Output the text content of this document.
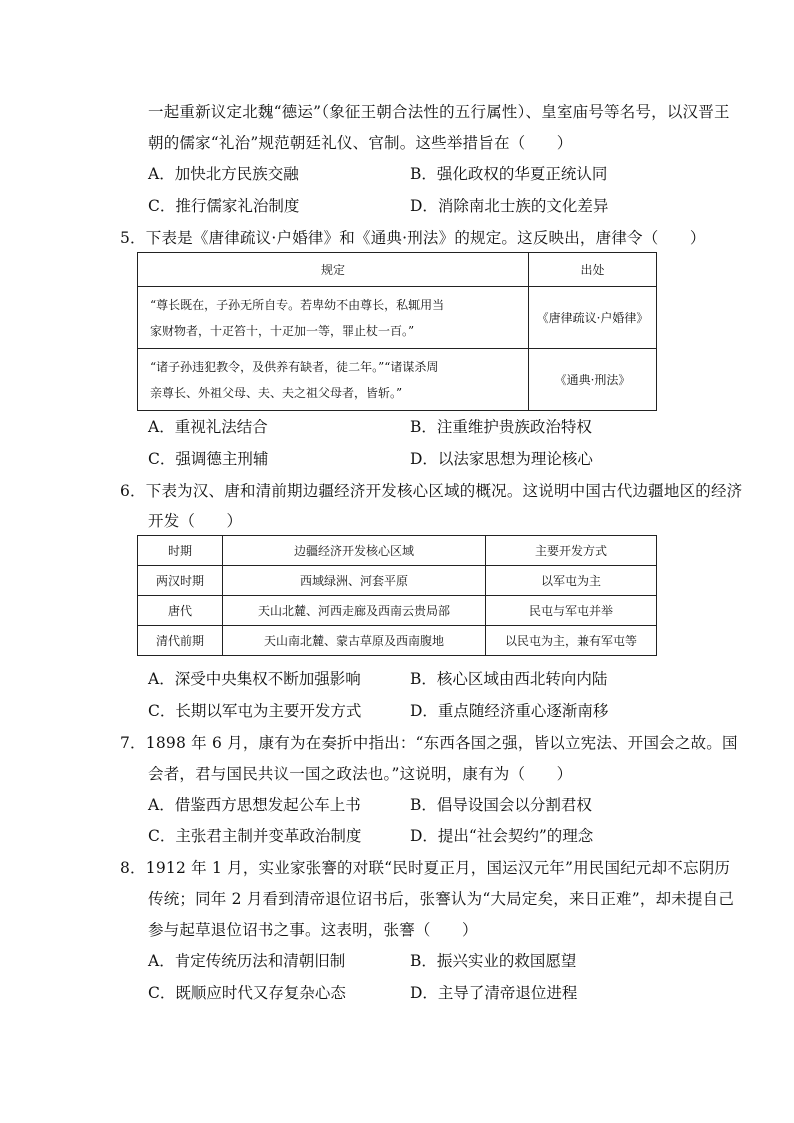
一起重新议定北魏“德运”（象征王朝合法性的五行属性）、皇室庙号等名号，以汉晋王
朝的儒家“礼治”规范朝廷礼仪、官制。这些举措旨在（　　）
A．加快北方民族交融	B．强化政权的华夏正统认同
C．推行儒家礼治制度	D．消除南北士族的文化差异
5．下表是《唐律疏议·户婚律》和《通典·刑法》的规定。这反映出，唐律令（　　）
规定	出处

“尊长既在，子孙无所自专。若卑幼不由尊长，私辄用当
家财物者，十疋笞十，十疋加一等，罪止杖一百。”	《唐律疏议·户婚律》

“诸子孙违犯教令，及供养有缺者，徒二年。”“诸谋杀周
亲尊长、外祖父母、夫、夫之祖父母者，皆斩。”	《通典·刑法》
A．重视礼法结合	B．注重维护贵族政治特权
C．强调德主刑辅	D．以法家思想为理论核心
6．下表为汉、唐和清前期边疆经济开发核心区域的概况。这说明中国古代边疆地区的经济
开发（　　）
时期	边疆经济开发核心区域	主要开发方式
两汉时期	西域绿洲、河套平原	以军屯为主
唐代	天山北麓、河西走廊及西南云贵局部	民屯与军屯并举
清代前期	天山南北麓、蒙古草原及西南腹地	以民屯为主，兼有军屯等
A．深受中央集权不断加强影响	B．核心区域由西北转向内陆
C．长期以军屯为主要开发方式	D．重点随经济重心逐渐南移
7．1898 年 6 月，康有为在奏折中指出：“东西各国之强，皆以立宪法、开国会之故。国
会者，君与国民共议一国之政法也。”这说明，康有为（　　）
A．借鉴西方思想发起公车上书	B．倡导设国会以分割君权
C．主张君主制并变革政治制度	D．提出“社会契约”的理念
8．1912 年 1 月，实业家张謇的对联“民时夏正月，国运汉元年”用民国纪元却不忘阴历
传统；同年 2 月看到清帝退位诏书后，张謇认为“大局定矣，来日正难”，却未提自己
参与起草退位诏书之事。这表明，张謇（　　）
A．肯定传统历法和清朝旧制	B．振兴实业的救国愿望
C．既顺应时代又存复杂心态	D．主导了清帝退位进程
